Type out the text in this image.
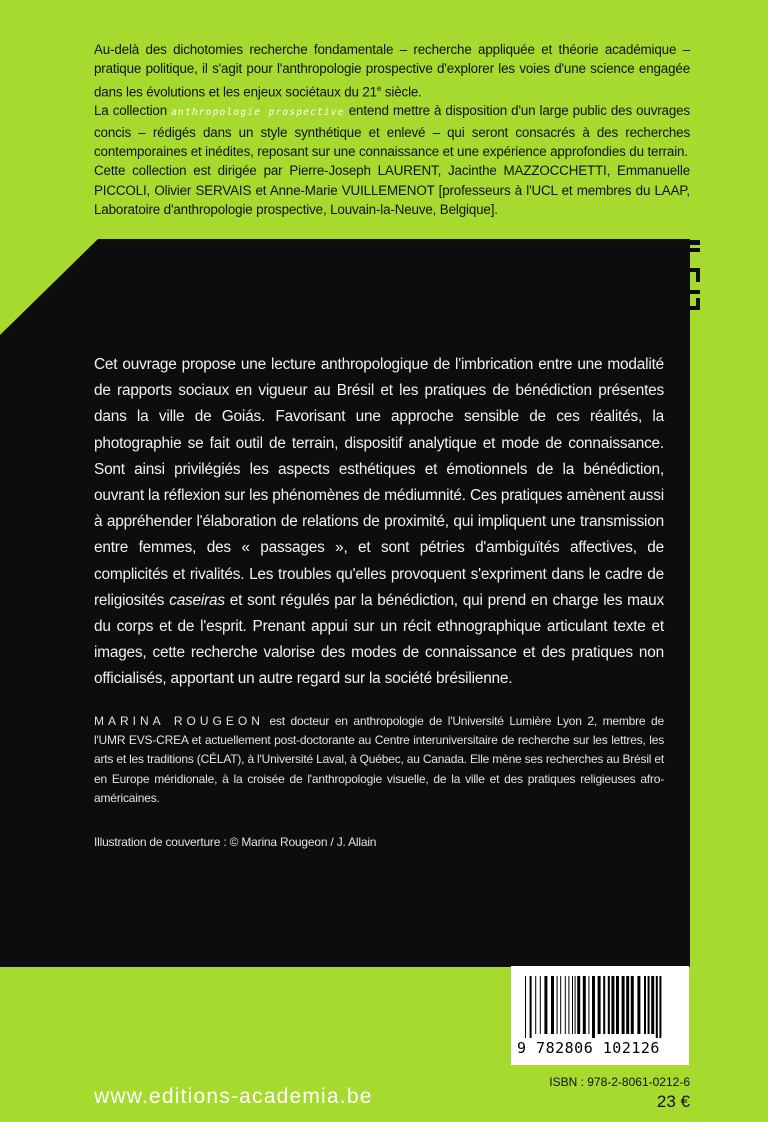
Au-delà des dichotomies recherche fondamentale – recherche appliquée et théorie académique – pratique politique, il s'agit pour l'anthropologie prospective d'explorer les voies d'une science engagée dans les évolutions et les enjeux sociétaux du 21e siècle.

La collection anthropologie prospective entend mettre à disposition d'un large public des ouvrages concis – rédigés dans un style synthétique et enlevé – qui seront consacrés à des recherches contemporaines et inédites, reposant sur une connaissance et une expérience approfondies du terrain.

Cette collection est dirigée par Pierre-Joseph LAURENT, Jacinthe MAZZOCCHETTI, Emmanuelle PICCOLI, Olivier SERVAIS et Anne-Marie VUILLEMENOT [professeurs à l'UCL et membres du LAAP, Laboratoire d'anthropologie prospective, Louvain-la-Neuve, Belgique].

Cet ouvrage propose une lecture anthropologique de l'imbrication entre une modalité de rapports sociaux en vigueur au Brésil et les pratiques de bénédiction présentes dans la ville de Goiás. Favorisant une approche sensible de ces réalités, la photographie se fait outil de terrain, dispositif analytique et mode de connaissance. Sont ainsi privilégiés les aspects esthétiques et émotionnels de la bénédiction, ouvrant la réflexion sur les phénomènes de médiumnité. Ces pratiques amènent aussi à appréhender l'élaboration de relations de proximité, qui impliquent une transmission entre femmes, des « passages », et sont pétries d'ambiguïtés affectives, de complicités et rivalités. Les troubles qu'elles provoquent s'expriment dans le cadre de religiosités caseiras et sont régulés par la bénédiction, qui prend en charge les maux du corps et de l'esprit. Prenant appui sur un récit ethnographique articulant texte et images, cette recherche valorise des modes de connaissance et des pratiques non officialisés, apportant un autre regard sur la société brésilienne.

MARINA ROUGEON est docteur en anthropologie de l'Université Lumière Lyon 2, membre de l'UMR EVS-CREA et actuellement post-doctorante au Centre interuniversitaire de recherche sur les lettres, les arts et les traditions (CÉLAT), à l'Université Laval, à Québec, au Canada. Elle mène ses recherches au Brésil et en Europe méridionale, à la croisée de l'anthropologie visuelle, de la ville et des pratiques religieuses afro-américaines.

Illustration de couverture : © Marina Rougeon / J. Allain
9 782806 102126
ISBN : 978-2-8061-0212-6
23 €
www.editions-academia.be
